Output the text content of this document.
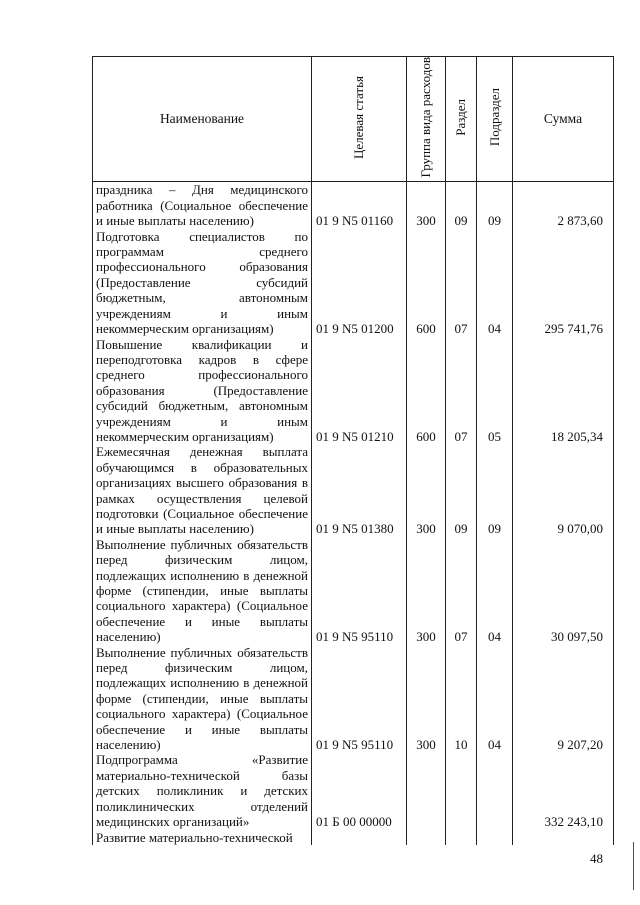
Наименование	Целевая статья	Группа вида расходов	Раздел	Подраздел	Сумма
праздника – Дня медицинского работника (Социальное обеспечение и иные выплаты населению)	01 9 N5 01160	300	09	09	2 873,60
Подготовка специалистов по программам среднего профессионального образования (Предоставление субсидий бюджетным, автономным учреждениям и иным некоммерческим организациям)	01 9 N5 01200	600	07	04	295 741,76
Повышение квалификации и переподготовка кадров в сфере среднего профессионального образования (Предоставление субсидий бюджетным, автономным учреждениям и иным некоммерческим организациям)	01 9 N5 01210	600	07	05	18 205,34
Ежемесячная денежная выплата обучающимся в образовательных организациях высшего образования в рамках осуществления целевой подготовки (Социальное обеспечение и иные выплаты населению)	01 9 N5 01380	300	09	09	9 070,00
Выполнение публичных обязательств перед физическим лицом, подлежащих исполнению в денежной форме (стипендии, иные выплаты социального характера) (Социальное обеспечение и иные выплаты населению)	01 9 N5 95110	300	07	04	30 097,50
Выполнение публичных обязательств перед физическим лицом, подлежащих исполнению в денежной форме (стипендии, иные выплаты социального характера) (Социальное обеспечение и иные выплаты населению)	01 9 N5 95110	300	10	04	9 207,20
Подпрограмма «Развитие материально-технической базы детских поликлиник и детских поликлинических отделений медицинских организаций»	01 Б 00 00000				332 243,10
Развитие материально-технической					
48
